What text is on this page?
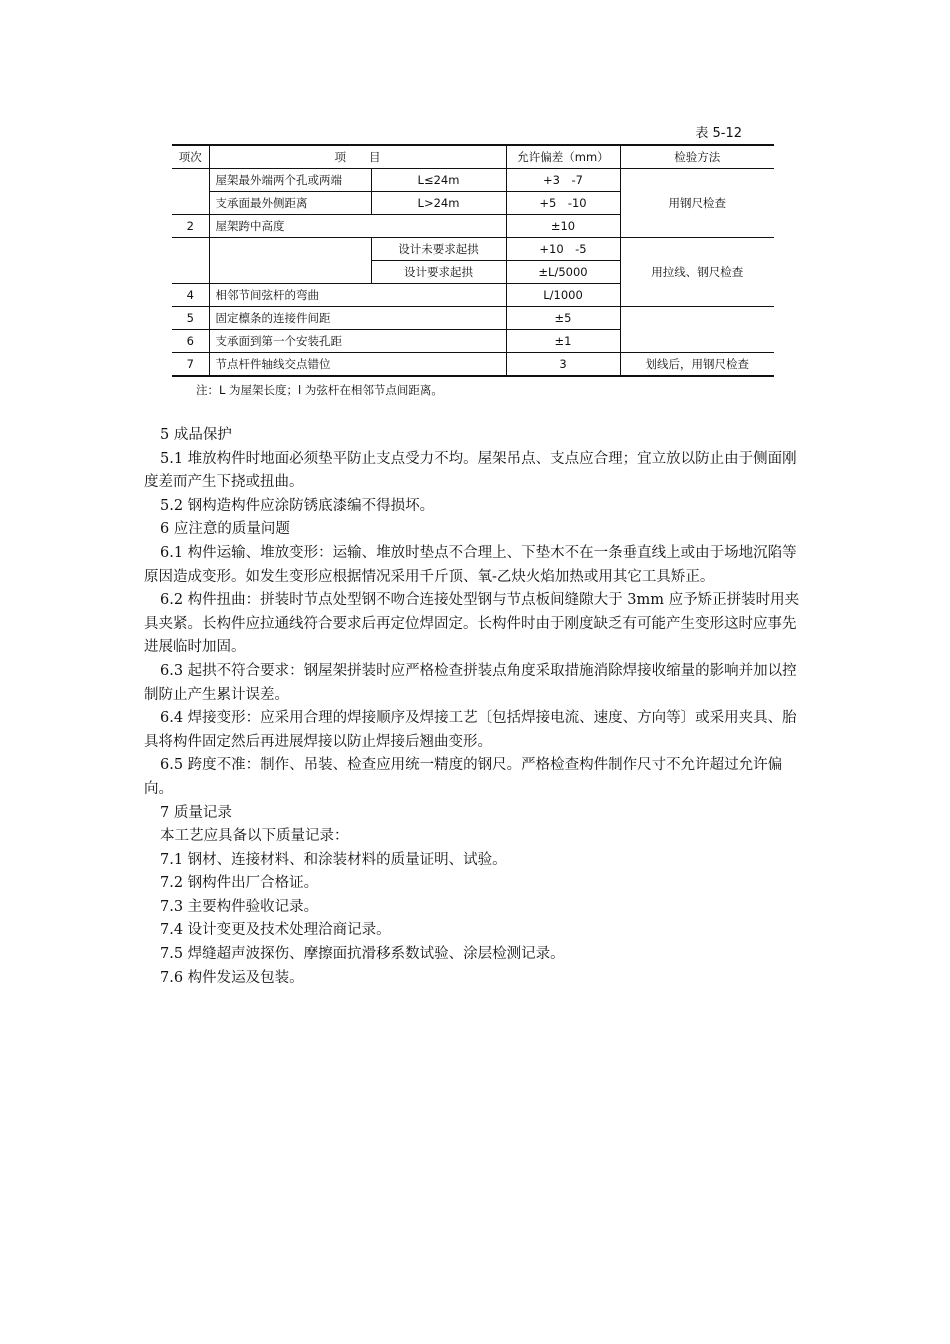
表 5-12
项次	项　　目		允许偏差（mm）	检验方法
	屋架最外端两个孔或两端	L≤24m	+3　-7	用钢尺检查
	支承面最外侧距离	L>24m	+5　-10	
2	屋架跨中高度		±10	
		设计未要求起拱	+10　-5	用拉线、钢尺检查
		设计要求起拱	±L/5000	
4	相邻节间弦杆的弯曲		L/1000	
5	固定檩条的连接件间距		±5	
6	支承面到第一个安装孔距		±1	
7	节点杆件轴线交点错位		3	划线后，用钢尺检查
注：L 为屋架长度；l 为弦杆在相邻节点间距离。

5 成品保护

5.1 堆放构件时地面必须垫平防止支点受力不均。屋架吊点、支点应合理；宜立放以防止由于侧面刚度差而产生下挠或扭曲。

5.2 钢构造构件应涂防锈底漆编不得损坏。

6 应注意的质量问题

6.1 构件运输、堆放变形：运输、堆放时垫点不合理上、下垫木不在一条垂直线上或由于场地沉陷等原因造成变形。如发生变形应根据情况采用千斤顶、氧-乙炔火焰加热或用其它工具矫正。

6.2 构件扭曲：拼装时节点处型钢不吻合连接处型钢与节点板间缝隙大于 3mm 应予矫正拼装时用夹具夹紧。长构件应拉通线符合要求后再定位焊固定。长构件时由于刚度缺乏有可能产生变形这时应事先进展临时加固。

6.3 起拱不符合要求：钢屋架拼装时应严格检查拼装点角度采取措施消除焊接收缩量的影响并加以控制防止产生累计误差。

6.4 焊接变形：应采用合理的焊接顺序及焊接工艺〔包括焊接电流、速度、方向等〕或采用夹具、胎具将构件固定然后再进展焊接以防止焊接后翘曲变形。

6.5 跨度不准：制作、吊装、检查应用统一精度的钢尺。严格检查构件制作尺寸不允许超过允许偏向。

7 质量记录

本工艺应具备以下质量记录：

7.1 钢材、连接材料、和涂装材料的质量证明、试验。

7.2 钢构件出厂合格证。

7.3 主要构件验收记录。

7.4 设计变更及技术处理洽商记录。

7.5 焊缝超声波探伤、摩擦面抗滑移系数试验、涂层检测记录。

7.6 构件发运及包装。
